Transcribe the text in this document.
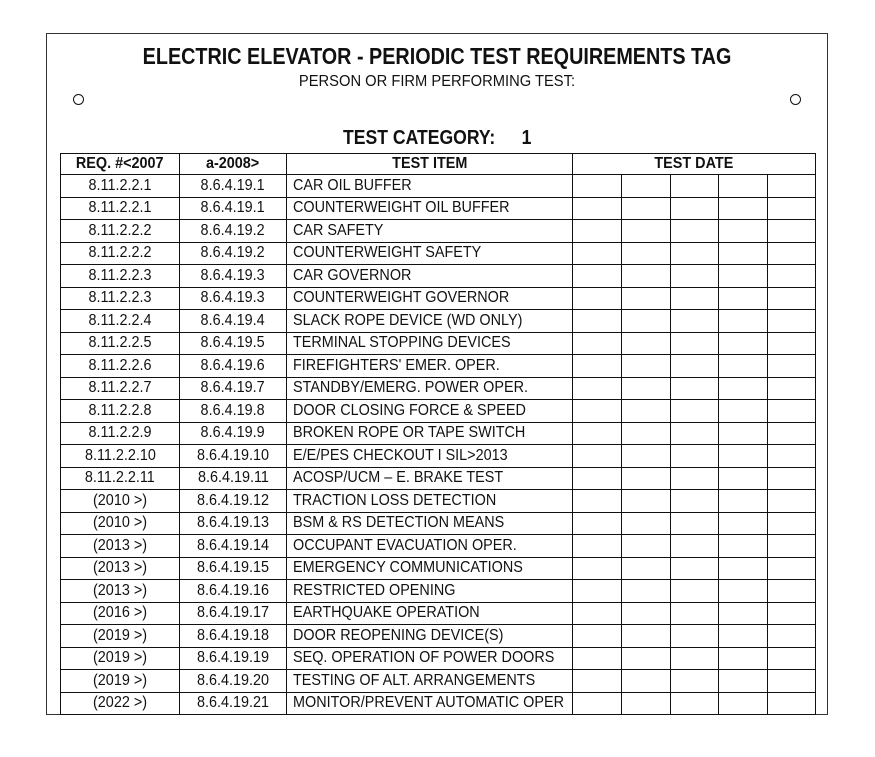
ELECTRIC ELEVATOR - PERIODIC TEST REQUIREMENTS TAG
PERSON OR FIRM PERFORMING TEST:
TEST CATEGORY: 1
REQ. #<2007	a-2008>	TEST ITEM	TEST DATE				
8.11.2.2.1	8.6.4.19.1	CAR OIL BUFFER					
8.11.2.2.1	8.6.4.19.1	COUNTERWEIGHT OIL BUFFER					
8.11.2.2.2	8.6.4.19.2	CAR SAFETY					
8.11.2.2.2	8.6.4.19.2	COUNTERWEIGHT SAFETY					
8.11.2.2.3	8.6.4.19.3	CAR GOVERNOR					
8.11.2.2.3	8.6.4.19.3	COUNTERWEIGHT GOVERNOR					
8.11.2.2.4	8.6.4.19.4	SLACK ROPE DEVICE (WD ONLY)					
8.11.2.2.5	8.6.4.19.5	TERMINAL STOPPING DEVICES					
8.11.2.2.6	8.6.4.19.6	FIREFIGHTERS' EMER. OPER.					
8.11.2.2.7	8.6.4.19.7	STANDBY/EMERG. POWER OPER.					
8.11.2.2.8	8.6.4.19.8	DOOR CLOSING FORCE & SPEED					
8.11.2.2.9	8.6.4.19.9	BROKEN ROPE OR TAPE SWITCH					
8.11.2.2.10	8.6.4.19.10	E/E/PES CHECKOUT I SIL>2013					
8.11.2.2.11	8.6.4.19.11	ACOSP/UCM – E. BRAKE TEST					
(2010 >)	8.6.4.19.12	TRACTION LOSS DETECTION					
(2010 >)	8.6.4.19.13	BSM & RS DETECTION MEANS					
(2013 >)	8.6.4.19.14	OCCUPANT EVACUATION OPER.					
(2013 >)	8.6.4.19.15	EMERGENCY COMMUNICATIONS					
(2013 >)	8.6.4.19.16	RESTRICTED OPENING					
(2016 >)	8.6.4.19.17	EARTHQUAKE OPERATION					
(2019 >)	8.6.4.19.18	DOOR REOPENING DEVICE(S)					
(2019 >)	8.6.4.19.19	SEQ. OPERATION OF POWER DOORS					
(2019 >)	8.6.4.19.20	TESTING OF ALT. ARRANGEMENTS					
(2022 >)	8.6.4.19.21	MONITOR/PREVENT AUTOMATIC OPER					
